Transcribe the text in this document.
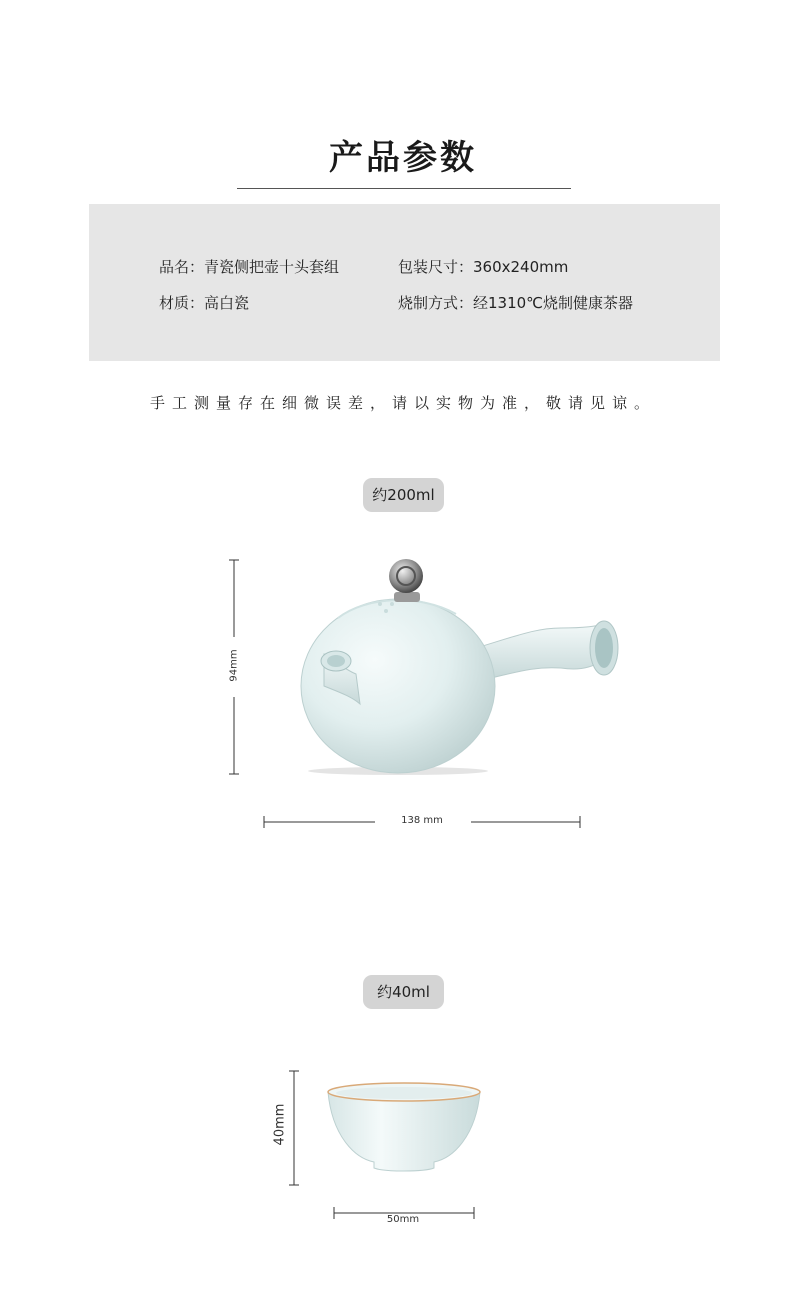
产品参数
品名：青瓷侧把壶十头套组	包装尺寸：360x240mm
材质：高白瓷	烧制方式：经1310℃烧制健康茶器
手工测量存在细微误差，请以实物为准，敬请见谅。
约200ml
94mm
138 mm
约40ml
40mm
50mm
